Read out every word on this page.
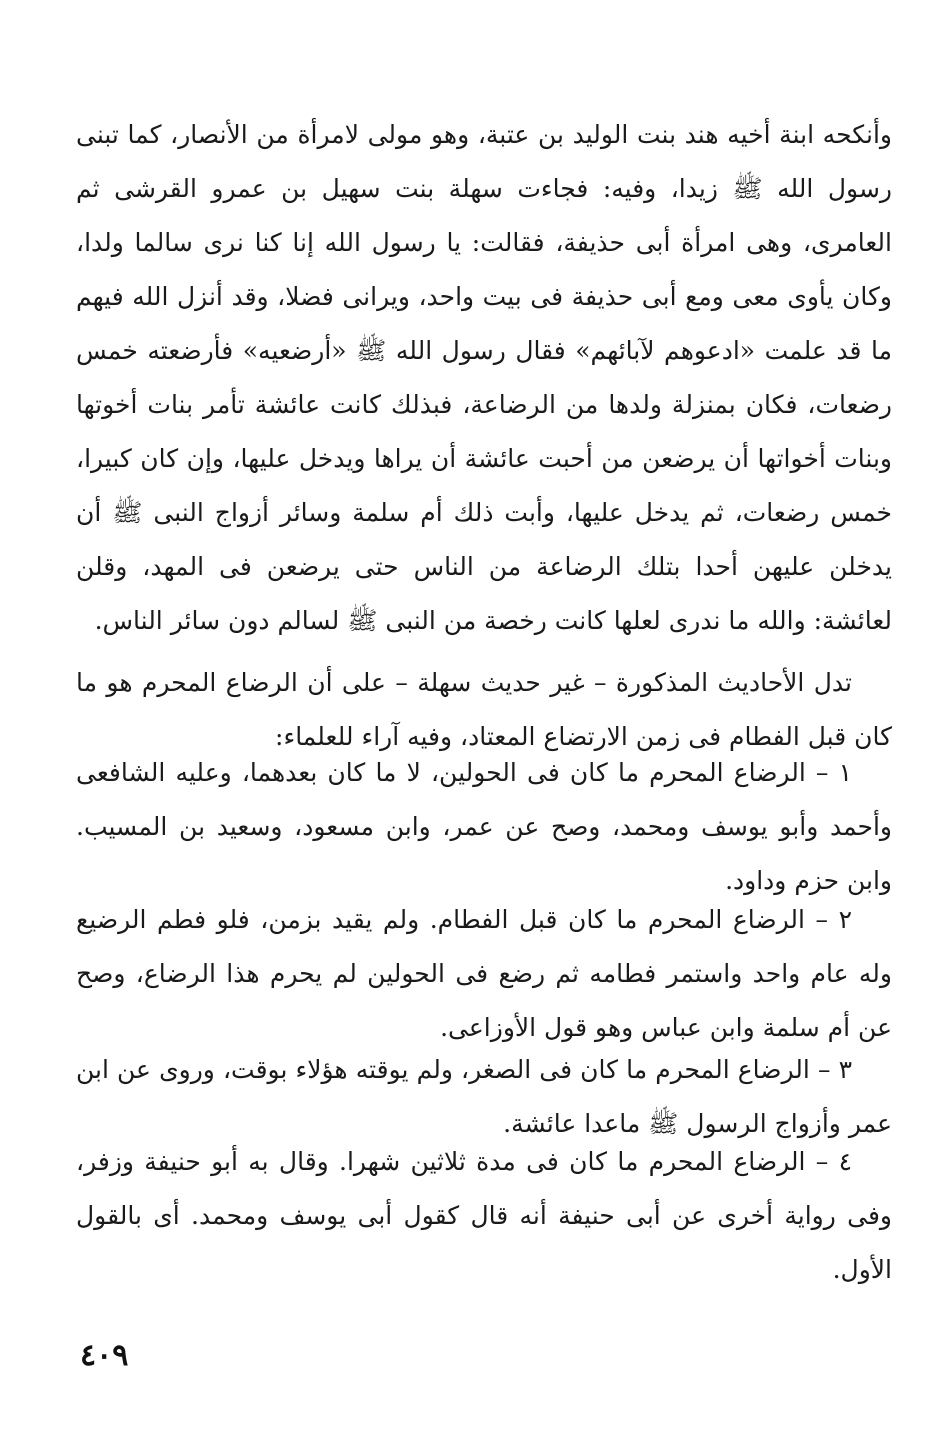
وأنكحه ابنة أخيه هند بنت الوليد بن عتبة، وهو مولى لامرأة من الأنصار، كما تبنى رسول الله ﷺ زيدا، وفيه: فجاءت سهلة بنت سهيل بن عمرو القرشى ثم العامرى، وهى امرأة أبى حذيفة، فقالت: يا رسول الله إنا كنا نرى سالما ولدا، وكان يأوى معى ومع أبى حذيفة فى بيت واحد، ويرانى فضلا، وقد أنزل الله فيهم ما قد علمت «ادعوهم لآبائهم» فقال رسول الله ﷺ «أرضعيه» فأرضعته خمس رضعات، فكان بمنزلة ولدها من الرضاعة، فبذلك كانت عائشة تأمر بنات أخوتها وبنات أخواتها أن يرضعن من أحبت عائشة أن يراها ويدخل عليها، وإن كان كبيرا، خمس رضعات، ثم يدخل عليها، وأبت ذلك أم سلمة وسائر أزواج النبى ﷺ أن يدخلن عليهن أحدا بتلك الرضاعة من الناس حتى يرضعن فى المهد، وقلن لعائشة: والله ما ندرى لعلها كانت رخصة من النبى ﷺ لسالم دون سائر الناس.

تدل الأحاديث المذكورة – غير حديث سهلة – على أن الرضاع المحرم هو ما كان قبل الفطام فى زمن الارتضاع المعتاد، وفيه آراء للعلماء:

١ – الرضاع المحرم ما كان فى الحولين، لا ما كان بعدهما، وعليه الشافعى وأحمد وأبو يوسف ومحمد، وصح عن عمر، وابن مسعود، وسعيد بن المسيب. وابن حزم وداود.

٢ – الرضاع المحرم ما كان قبل الفطام. ولم يقيد بزمن، فلو فطم الرضيع وله عام واحد واستمر فطامه ثم رضع فى الحولين لم يحرم هذا الرضاع، وصح عن أم سلمة وابن عباس وهو قول الأوزاعى.

٣ – الرضاع المحرم ما كان فى الصغر، ولم يوقته هؤلاء بوقت، وروى عن ابن عمر وأزواج الرسول ﷺ ماعدا عائشة.

٤ – الرضاع المحرم ما كان فى مدة ثلاثين شهرا. وقال به أبو حنيفة وزفر، وفى رواية أخرى عن أبى حنيفة أنه قال كقول أبى يوسف ومحمد. أى بالقول الأول.

٤٠٩
